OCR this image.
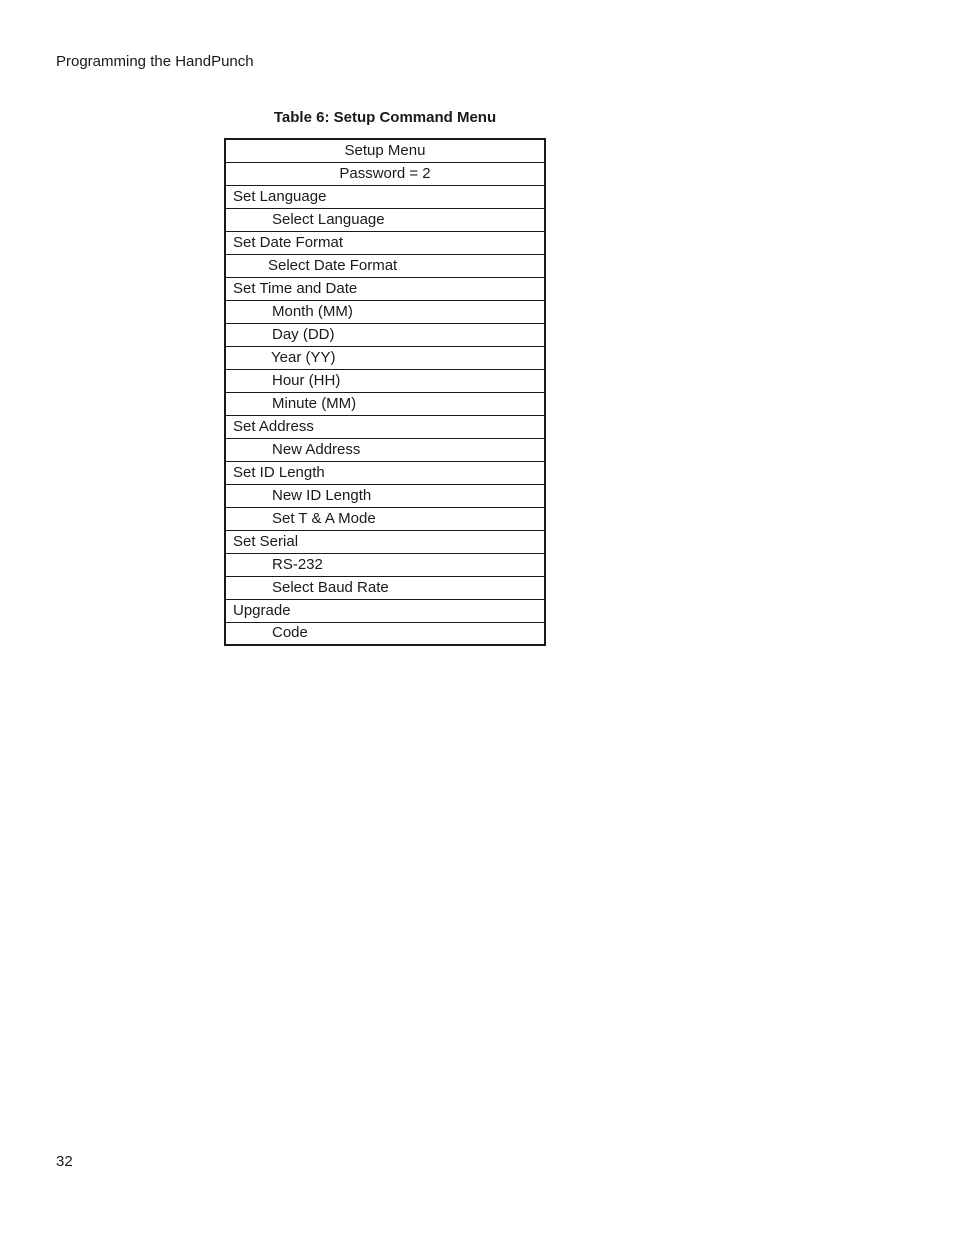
Programming the HandPunch
Table 6: Setup Command Menu
Setup Menu
Password = 2
Set Language
Select Language
Set Date Format
Select Date Format
Set Time and Date
Month (MM)
Day (DD)
Year (YY)
Hour (HH)
Minute (MM)
Set Address
New Address
Set ID Length
New ID Length
Set T & A Mode
Set Serial
RS-232
Select Baud Rate
Upgrade
Code
32
